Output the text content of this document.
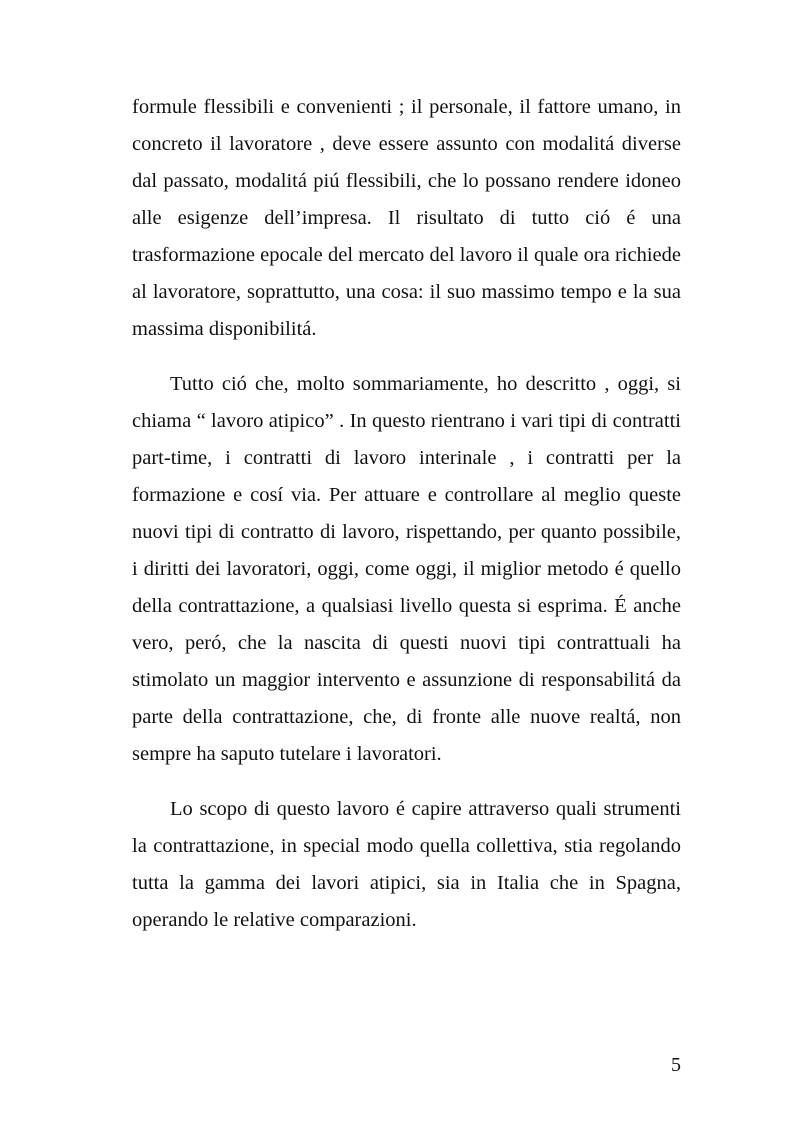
formule flessibili e convenienti ; il personale, il fattore umano, in concreto il lavoratore , deve essere assunto con modalitá diverse dal passato, modalitá piú flessibili, che lo possano rendere idoneo alle esigenze dell’impresa. Il risultato di tutto ció é una trasformazione epocale del mercato del lavoro il quale ora richiede al lavoratore, soprattutto, una cosa: il suo massimo tempo e la sua massima disponibilitá.

Tutto ció che, molto sommariamente, ho descritto , oggi, si chiama “ lavoro atipico” . In questo rientrano i vari tipi di contratti part-time, i contratti di lavoro interinale , i contratti per la formazione e cosí via. Per attuare e controllare al meglio queste nuovi tipi di contratto di lavoro, rispettando, per quanto possibile, i diritti dei lavoratori, oggi, come oggi, il miglior metodo é quello della contrattazione, a qualsiasi livello questa si esprima. É anche vero, peró, che la nascita di questi nuovi tipi contrattuali ha stimolato un maggior intervento e assunzione di responsabilitá da parte della contrattazione, che, di fronte alle nuove realtá, non sempre ha saputo tutelare i lavoratori.

Lo scopo di questo lavoro é capire attraverso quali strumenti la contrattazione, in special modo quella collettiva, stia regolando tutta la gamma dei lavori atipici, sia in Italia che in Spagna, operando le relative comparazioni.

5
